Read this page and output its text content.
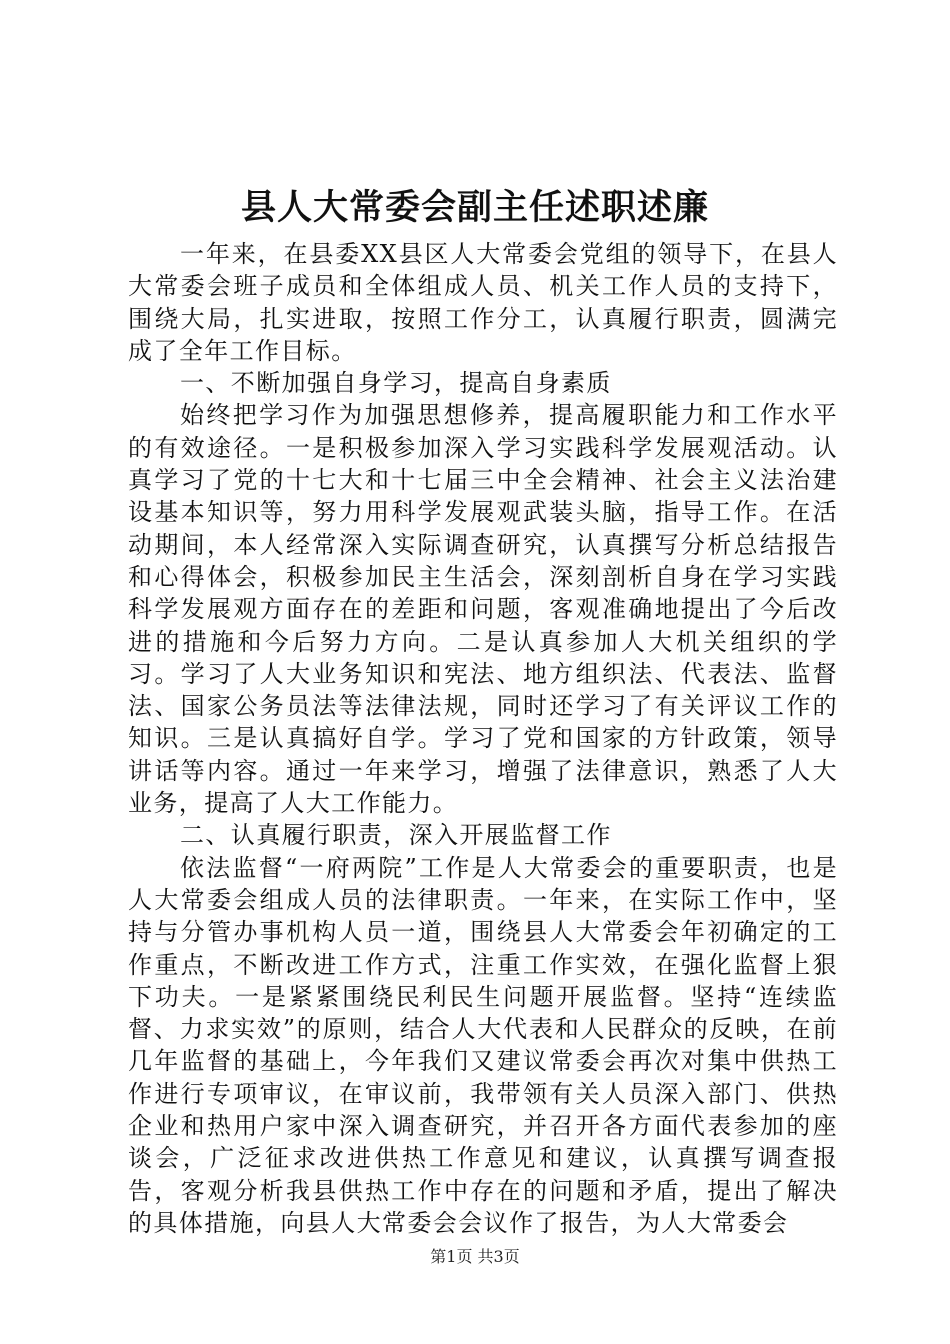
县人大常委会副主任述职述廉

一年来，在县委XX县区人大常委会党组的领导下，在县人大常委会班子成员和全体组成人员、机关工作人员的支持下，围绕大局，扎实进取，按照工作分工，认真履行职责，圆满完成了全年工作目标。

一、不断加强自身学习，提高自身素质

始终把学习作为加强思想修养，提高履职能力和工作水平的有效途径。一是积极参加深入学习实践科学发展观活动。认真学习了党的十七大和十七届三中全会精神、社会主义法治建设基本知识等，努力用科学发展观武装头脑，指导工作。在活动期间，本人经常深入实际调查研究，认真撰写分析总结报告和心得体会，积极参加民主生活会，深刻剖析自身在学习实践科学发展观方面存在的差距和问题，客观准确地提出了今后改进的措施和今后努力方向。二是认真参加人大机关组织的学习。学习了人大业务知识和宪法、地方组织法、代表法、监督法、国家公务员法等法律法规，同时还学习了有关评议工作的知识。三是认真搞好自学。学习了党和国家的方针政策，领导讲话等内容。通过一年来学习，增强了法律意识，熟悉了人大业务，提高了人大工作能力。

二、认真履行职责，深入开展监督工作

依法监督“一府两院”工作是人大常委会的重要职责，也是人大常委会组成人员的法律职责。一年来，在实际工作中，坚持与分管办事机构人员一道，围绕县人大常委会年初确定的工作重点，不断改进工作方式，注重工作实效，在强化监督上狠下功夫。一是紧紧围绕民利民生问题开展监督。坚持“连续监督、力求实效”的原则，结合人大代表和人民群众的反映，在前几年监督的基础上，今年我们又建议常委会再次对集中供热工作进行专项审议，在审议前，我带领有关人员深入部门、供热企业和热用户家中深入调查研究，并召开各方面代表参加的座谈会，广泛征求改进供热工作意见和建议，认真撰写调查报告，客观分析我县供热工作中存在的问题和矛盾，提出了解决的具体措施，向县人大常委会会议作了报告，为人大常委会

第1页 共3页
